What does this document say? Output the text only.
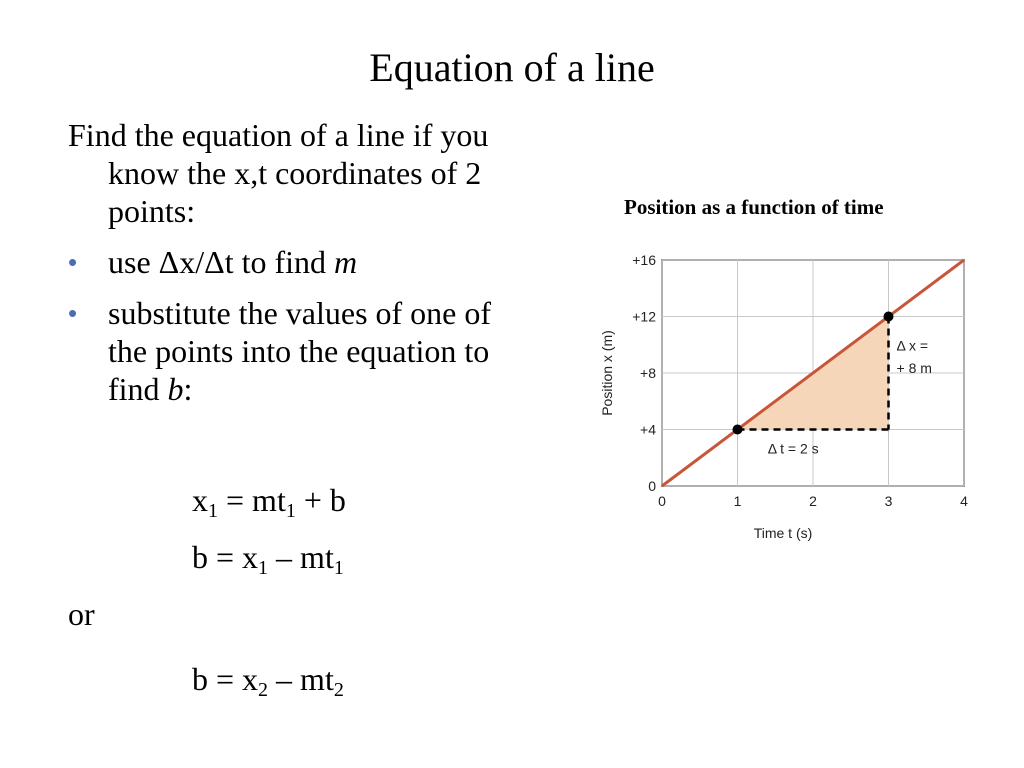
Equation of a line

Find the equation of a line if you know the x,t coordinates of 2 points:

• use Δx/Δt to find m
• substitute the values of one of the points into the equation to find b:
$x_1 = mt_1 + b$
$b = x_1 - mt_1$
or
$b = x_2 - mt_2$
Position as a function of time
0	1	2	3	4
0
+4
+8
+12
+16
Δ t = 2 s
Δ x =
+ 8 m
Time t (s)
Position x (m)
